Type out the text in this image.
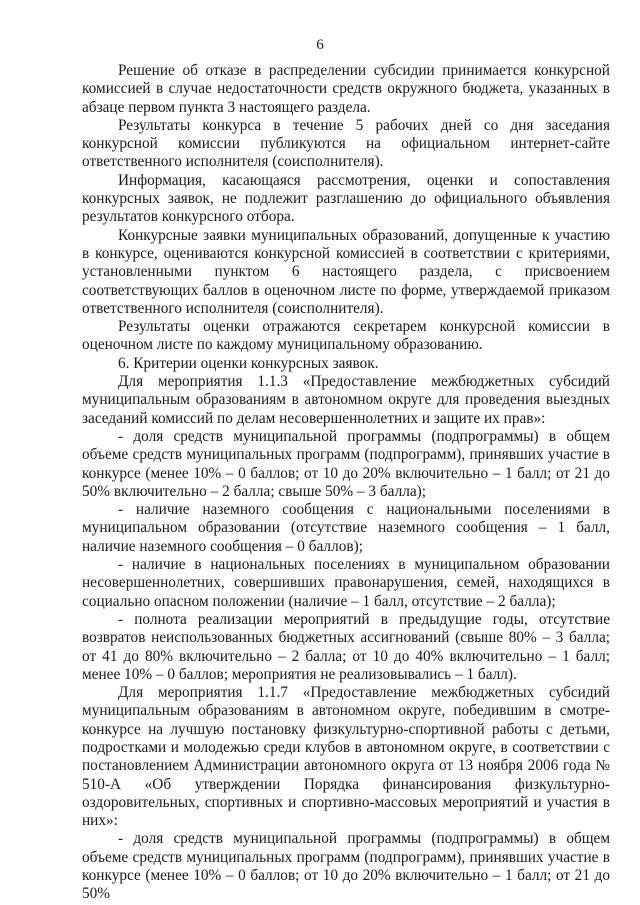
6

Решение об отказе в распределении субсидии принимается конкурсной комиссией в случае недостаточности средств окружного бюджета, указанных в абзаце первом пункта 3 настоящего раздела.

Результаты конкурса в течение 5 рабочих дней со дня заседания конкурсной комиссии публикуются на официальном интернет-сайте ответственного исполнителя (соисполнителя).

Информация, касающаяся рассмотрения, оценки и сопоставления конкурсных заявок, не подлежит разглашению до официального объявления результатов конкурсного отбора.

Конкурсные заявки муниципальных образований, допущенные к участию в конкурсе, оцениваются конкурсной комиссией в соответствии с критериями, установленными пунктом 6 настоящего раздела, с присвоением соответствующих баллов в оценочном листе по форме, утверждаемой приказом ответственного исполнителя (соисполнителя).

Результаты оценки отражаются секретарем конкурсной комиссии в оценочном листе по каждому муниципальному образованию.

6. Критерии оценки конкурсных заявок.

Для мероприятия 1.1.3 «Предоставление межбюджетных субсидий муниципальным образованиям в автономном округе для проведения выездных заседаний комиссий по делам несовершеннолетних и защите их прав»:

- доля средств муниципальной программы (подпрограммы) в общем объеме средств муниципальных программ (подпрограмм), принявших участие в конкурсе (менее 10% – 0 баллов; от 10 до 20% включительно – 1 балл; от 21 до 50% включительно – 2 балла; свыше 50% – 3 балла);

- наличие наземного сообщения с национальными поселениями в муниципальном образовании (отсутствие наземного сообщения – 1 балл, наличие наземного сообщения – 0 баллов);

- наличие в национальных поселениях в муниципальном образовании несовершеннолетних, совершивших правонарушения, семей, находящихся в социально опасном положении (наличие – 1 балл, отсутствие – 2 балла);

- полнота реализации мероприятий в предыдущие годы, отсутствие возвратов неиспользованных бюджетных ассигнований (свыше 80% – 3 балла; от 41 до 80% включительно – 2 балла; от 10 до 40% включительно – 1 балл; менее 10% – 0 баллов; мероприятия не реализовывались – 1 балл).

Для мероприятия 1.1.7 «Предоставление межбюджетных субсидий муниципальным образованиям в автономном округе, победившим в смотре-конкурсе на лучшую постановку физкультурно-спортивной работы с детьми, подростками и молодежью среди клубов в автономном округе, в соответствии с постановлением Администрации автономного округа от 13 ноября 2006 года № 510-А «Об утверждении Порядка финансирования физкультурно-оздоровительных, спортивных и спортивно-массовых мероприятий и участия в них»:

- доля средств муниципальной программы (подпрограммы) в общем объеме средств муниципальных программ (подпрограмм), принявших участие в конкурсе (менее 10% – 0 баллов; от 10 до 20% включительно – 1 балл; от 21 до 50%
